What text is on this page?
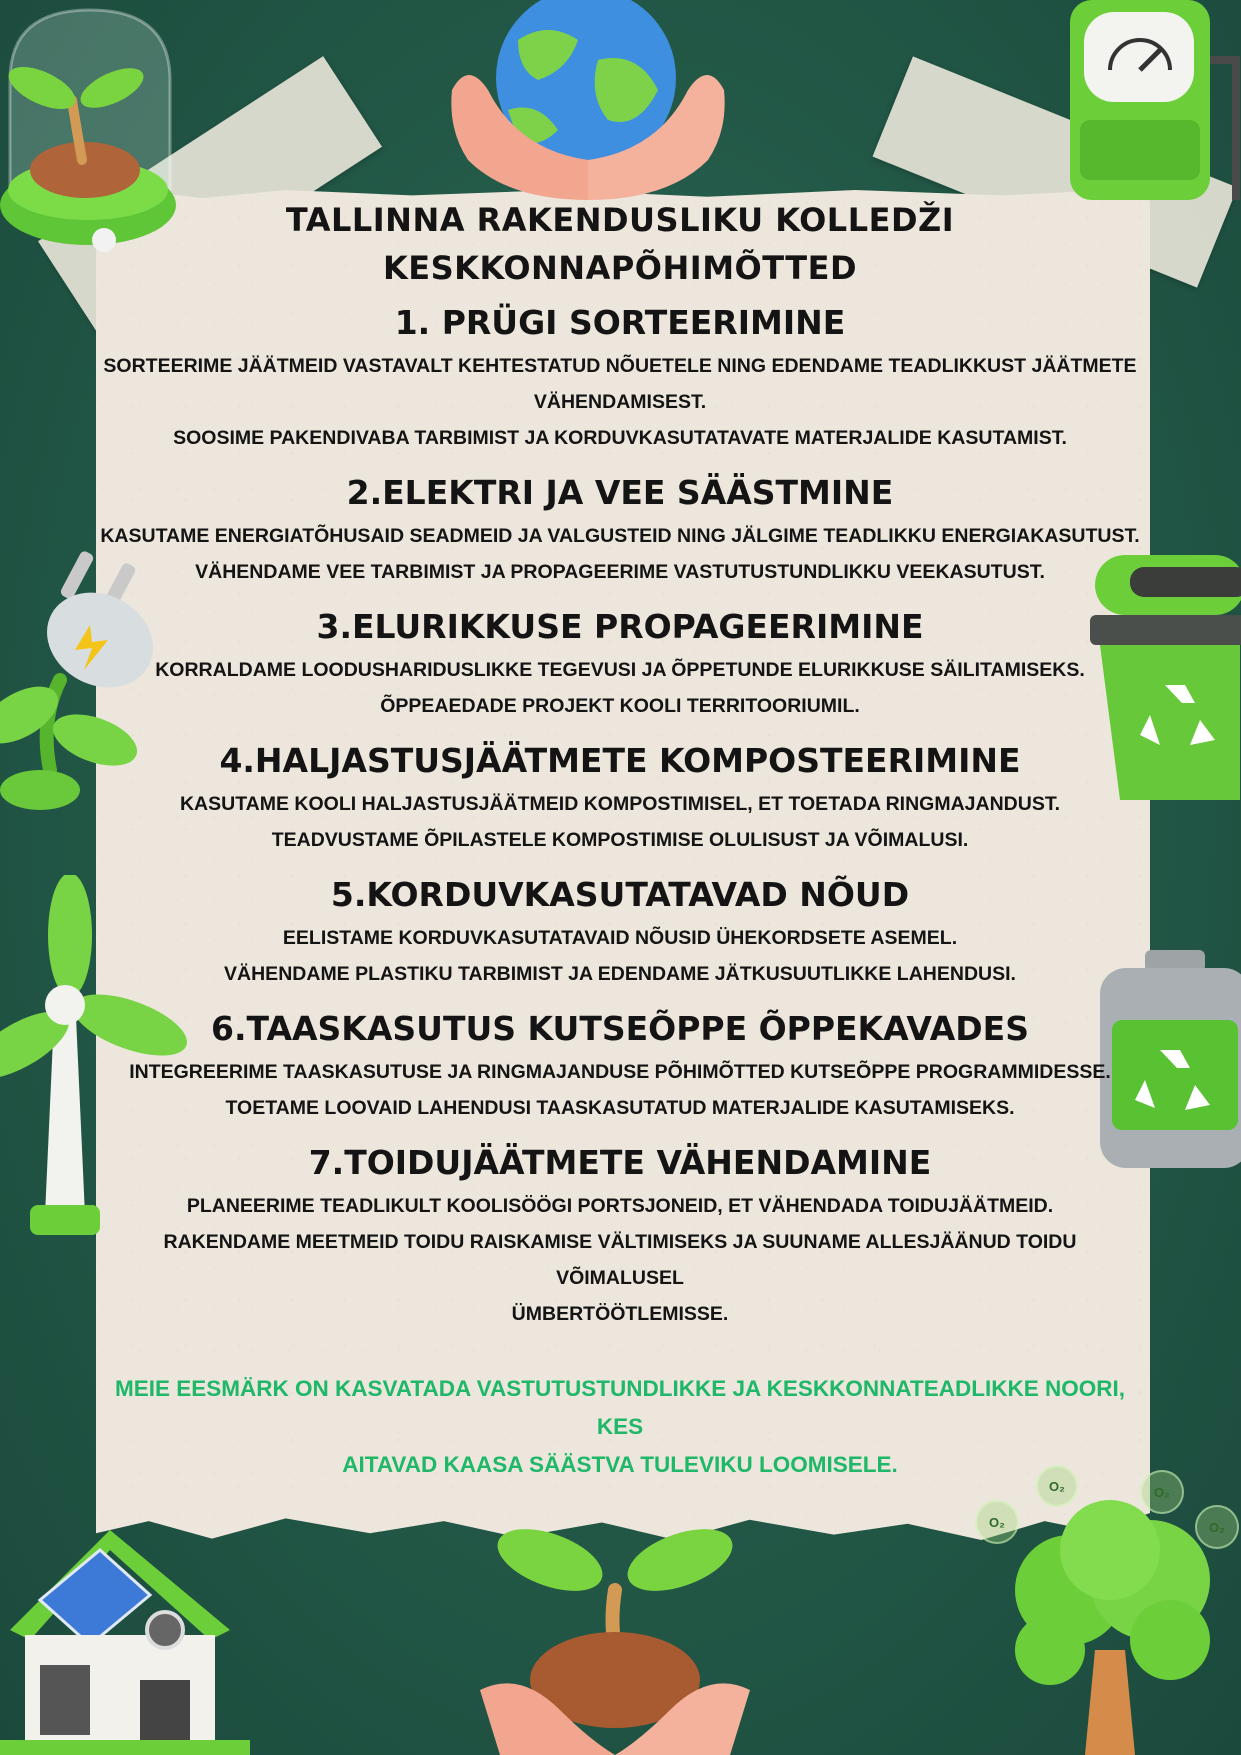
O₂
O₂	O₂
O₂
TALLINNA RAKENDUSLIKU KOLLEDŽI
KESKKONNAPÕHIMÕTTED
1. PRÜGI SORTEERIMINE

SORTEERIME JÄÄTMEID VASTAVALT KEHTESTATUD NÕUETELE NING EDENDAME TEADLIKKUST JÄÄTMETE

VÄHENDAMISEST.

SOOSIME PAKENDIVABA TARBIMIST JA KORDUVKASUTATAVATE MATERJALIDE KASUTAMIST.

2.ELEKTRI JA VEE SÄÄSTMINE

KASUTAME ENERGIATÕHUSAID SEADMEID JA VALGUSTEID NING JÄLGIME TEADLIKKU ENERGIAKASUTUST.

VÄHENDAME VEE TARBIMIST JA PROPAGEERIME VASTUTUSTUNDLIKKU VEEKASUTUST.

3.ELURIKKUSE PROPAGEERIMINE

KORRALDAME LOODUSHARIDUSLIKKE TEGEVUSI JA ÕPPETUNDE ELURIKKUSE SÄILITAMISEKS.

ÕPPEAEDADE PROJEKT KOOLI TERRITOORIUMIL.

4.HALJASTUSJÄÄTMETE KOMPOSTEERIMINE

KASUTAME KOOLI HALJASTUSJÄÄTMEID KOMPOSTIMISEL, ET TOETADA RINGMAJANDUST.

TEADVUSTAME ÕPILASTELE KOMPOSTIMISE OLULISUST JA VÕIMALUSI.

5.KORDUVKASUTATAVAD NÕUD

EELISTAME KORDUVKASUTATAVAID NÕUSID ÜHEKORDSETE ASEMEL.

VÄHENDAME PLASTIKU TARBIMIST JA EDENDAME JÄTKUSUUTLIKKE LAHENDUSI.

6.TAASKASUTUS KUTSEÕPPE ÕPPEKAVADES

INTEGREERIME TAASKASUTUSE JA RINGMAJANDUSE PÕHIMÕTTED KUTSEÕPPE PROGRAMMIDESSE.

TOETAME LOOVAID LAHENDUSI TAASKASUTATUD MATERJALIDE KASUTAMISEKS.

7.TOIDUJÄÄTMETE VÄHENDAMINE

PLANEERIME TEADLIKULT KOOLISÖÖGI PORTSJONEID, ET VÄHENDADA TOIDUJÄÄTMEID.

RAKENDAME MEETMEID TOIDU RAISKAMISE VÄLTIMISEKS JA SUUNAME ALLESJÄÄNUD TOIDU VÕIMALUSEL

ÜMBERTÖÖTLEMISSE.

MEIE EESMÄRK ON KASVATADA VASTUTUSTUNDLIKKE JA KESKKONNATEADLIKKE NOORI, KES
AITAVAD KAASA SÄÄSTVA TULEVIKU LOOMISELE.
